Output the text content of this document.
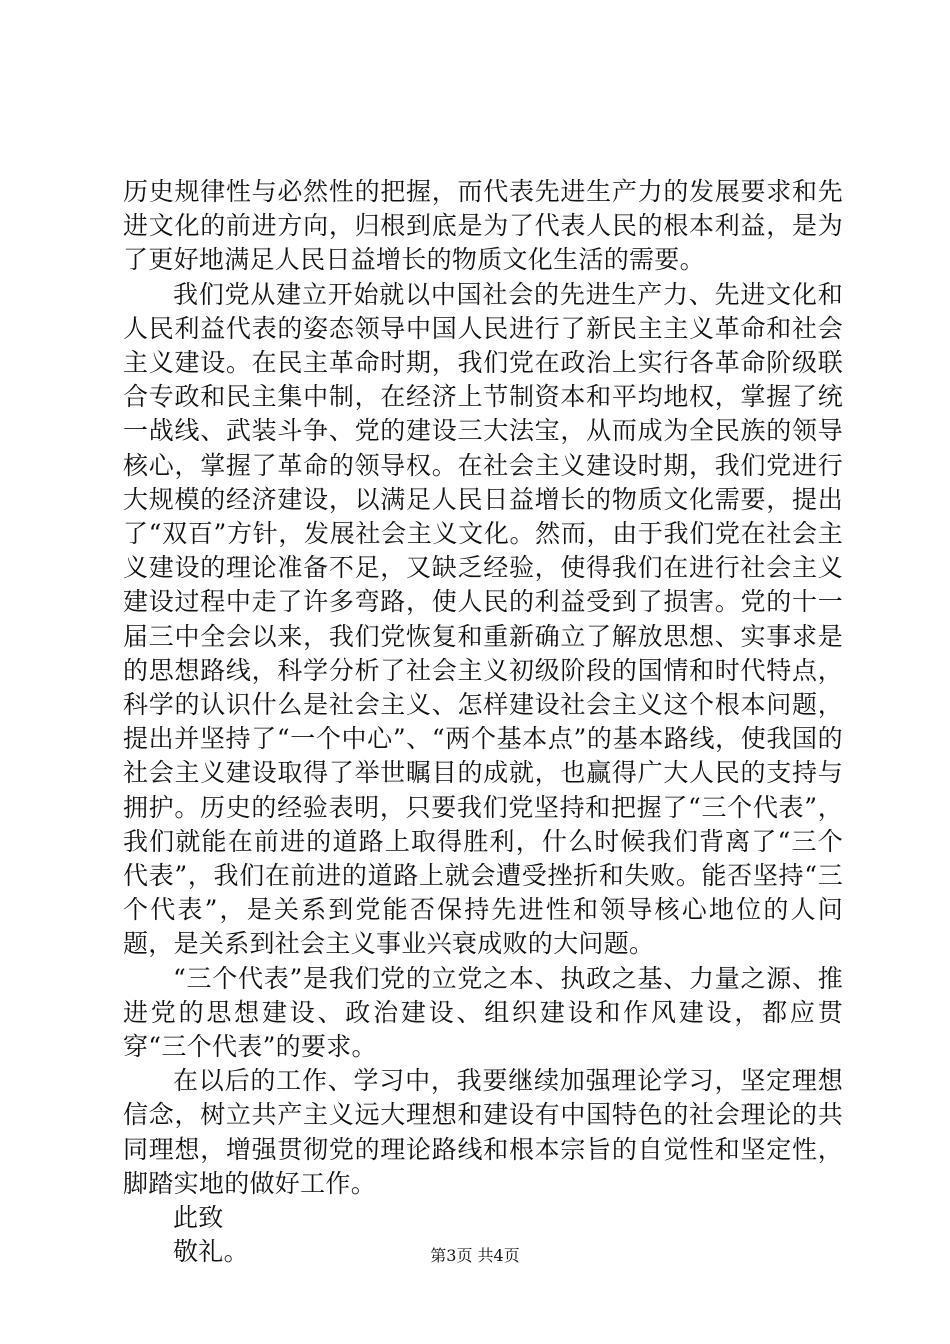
历史规律性与必然性的把握，而代表先进生产力的发展要求和先进文化的前进方向，归根到底是为了代表人民的根本利益，是为了更好地满足人民日益增长的物质文化生活的需要。

我们党从建立开始就以中国社会的先进生产力、先进文化和人民利益代表的姿态领导中国人民进行了新民主主义革命和社会主义建设。在民主革命时期，我们党在政治上实行各革命阶级联合专政和民主集中制，在经济上节制资本和平均地权，掌握了统一战线、武装斗争、党的建设三大法宝，从而成为全民族的领导核心，掌握了革命的领导权。在社会主义建设时期，我们党进行大规模的经济建设，以满足人民日益增长的物质文化需要，提出了“双百”方针，发展社会主义文化。然而，由于我们党在社会主义建设的理论准备不足，又缺乏经验，使得我们在进行社会主义建设过程中走了许多弯路，使人民的利益受到了损害。党的十一届三中全会以来，我们党恢复和重新确立了解放思想、实事求是的思想路线，科学分析了社会主义初级阶段的国情和时代特点，科学的认识什么是社会主义、怎样建设社会主义这个根本问题，提出并坚持了“一个中心”、“两个基本点”的基本路线，使我国的社会主义建设取得了举世瞩目的成就，也赢得广大人民的支持与拥护。历史的经验表明，只要我们党坚持和把握了“三个代表”，我们就能在前进的道路上取得胜利，什么时候我们背离了“三个代表”，我们在前进的道路上就会遭受挫折和失败。能否坚持“三个代表”，是关系到党能否保持先进性和领导核心地位的人问题，是关系到社会主义事业兴衰成败的大问题。

“三个代表”是我们党的立党之本、执政之基、力量之源、推进党的思想建设、政治建设、组织建设和作风建设，都应贯穿“三个代表”的要求。

在以后的工作、学习中，我要继续加强理论学习，坚定理想信念，树立共产主义远大理想和建设有中国特色的社会理论的共同理想，增强贯彻党的理论路线和根本宗旨的自觉性和坚定性，脚踏实地的做好工作。

此致

敬礼。	第3页 共4页
